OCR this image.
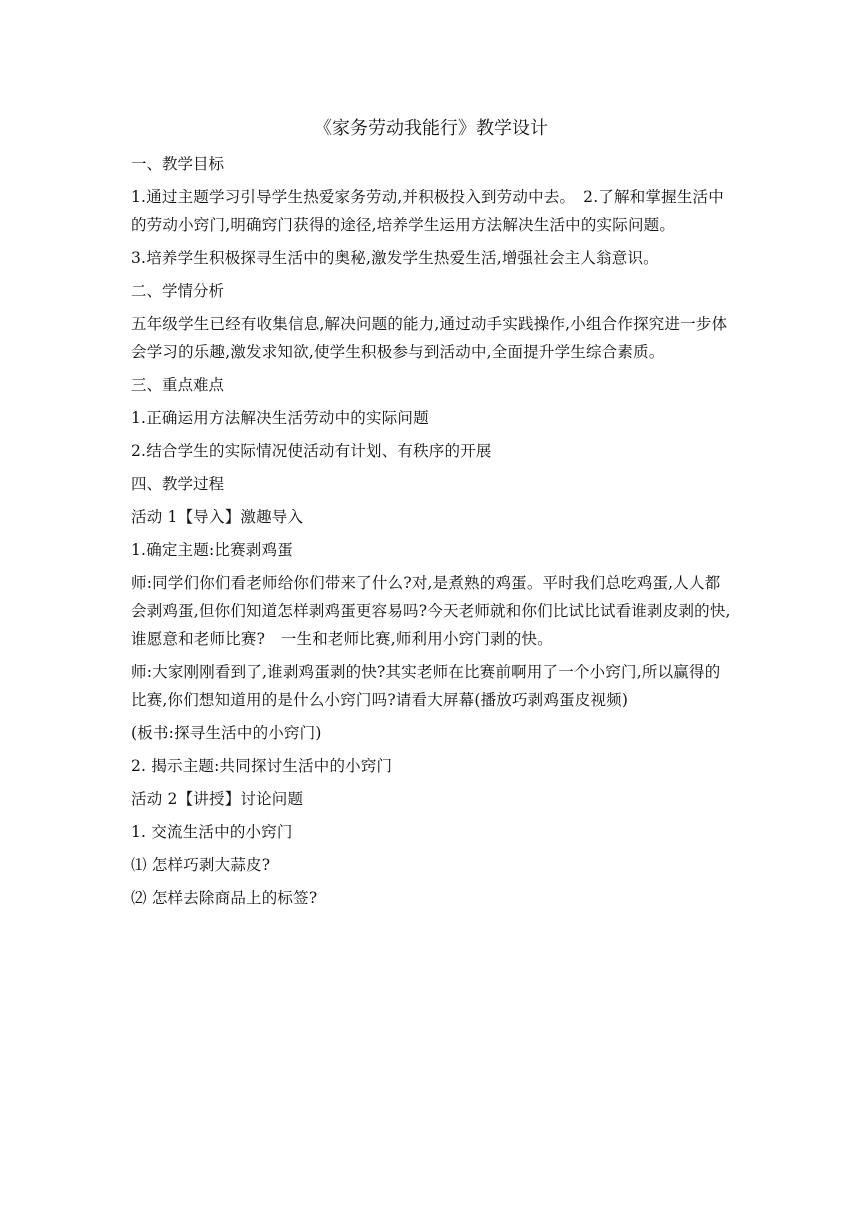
《家务劳动我能行》教学设计
一、教学目标
1.通过主题学习引导学生热爱家务劳动,并积极投入到劳动中去。　2.了解和掌握生活中的劳动小窍门,明确窍门获得的途径,培养学生运用方法解决生活中的实际问题。
3.培养学生积极探寻生活中的奥秘,激发学生热爱生活,增强社会主人翁意识。
二、学情分析
五年级学生已经有收集信息,解决问题的能力,通过动手实践操作,小组合作探究进一步体会学习的乐趣,激发求知欲,使学生积极参与到活动中,全面提升学生综合素质。
三、重点难点
1.正确运用方法解决生活劳动中的实际问题
2.结合学生的实际情况使活动有计划、有秩序的开展
四、教学过程
活动 1【导入】激趣导入
1.确定主题:比赛剥鸡蛋
师:同学们你们看老师给你们带来了什么?对,是煮熟的鸡蛋。平时我们总吃鸡蛋,人人都会剥鸡蛋,但你们知道怎样剥鸡蛋更容易吗?今天老师就和你们比试比试看谁剥皮剥的快,谁愿意和老师比赛?　一生和老师比赛,师利用小窍门剥的快。
师:大家刚刚看到了,谁剥鸡蛋剥的快?其实老师在比赛前啊用了一个小窍门,所以赢得的比赛,你们想知道用的是什么小窍门吗?请看大屏幕(播放巧剥鸡蛋皮视频)
(板书:探寻生活中的小窍门)
2. 揭示主题:共同探讨生活中的小窍门
活动 2【讲授】讨论问题
1. 交流生活中的小窍门
⑴ 怎样巧剥大蒜皮?
⑵ 怎样去除商品上的标签?
